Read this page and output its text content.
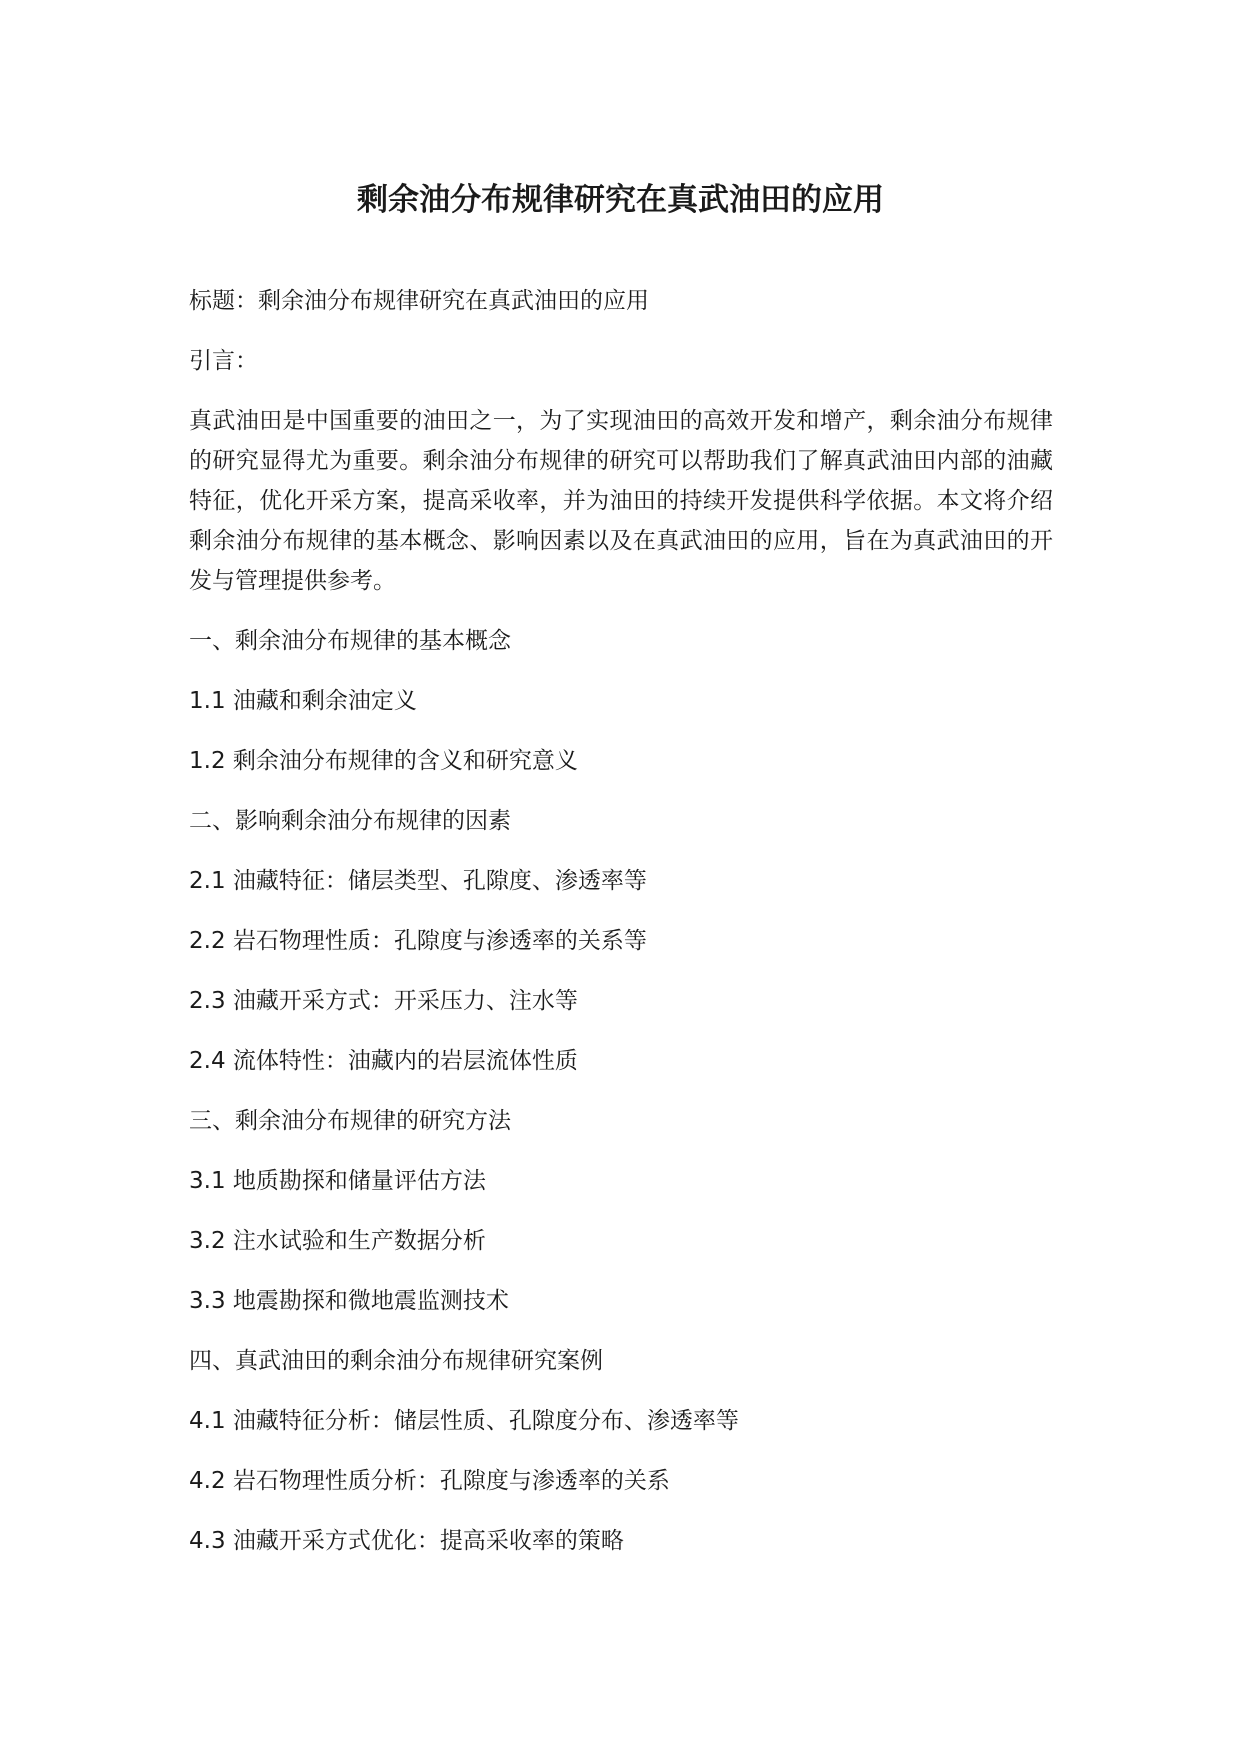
剩余油分布规律研究在真武油田的应用

标题：剩余油分布规律研究在真武油田的应用

引言：

真武油田是中国重要的油田之一，为了实现油田的高效开发和增产，剩余油分布规律的研究显得尤为重要。剩余油分布规律的研究可以帮助我们了解真武油田内部的油藏特征，优化开采方案，提高采收率，并为油田的持续开发提供科学依据。本文将介绍剩余油分布规律的基本概念、影响因素以及在真武油田的应用，旨在为真武油田的开发与管理提供参考。

一、剩余油分布规律的基本概念

1.1 油藏和剩余油定义

1.2 剩余油分布规律的含义和研究意义

二、影响剩余油分布规律的因素

2.1 油藏特征：储层类型、孔隙度、渗透率等

2.2 岩石物理性质：孔隙度与渗透率的关系等

2.3 油藏开采方式：开采压力、注水等

2.4 流体特性：油藏内的岩层流体性质

三、剩余油分布规律的研究方法

3.1 地质勘探和储量评估方法

3.2 注水试验和生产数据分析

3.3 地震勘探和微地震监测技术

四、真武油田的剩余油分布规律研究案例

4.1 油藏特征分析：储层性质、孔隙度分布、渗透率等

4.2 岩石物理性质分析：孔隙度与渗透率的关系

4.3 油藏开采方式优化：提高采收率的策略
